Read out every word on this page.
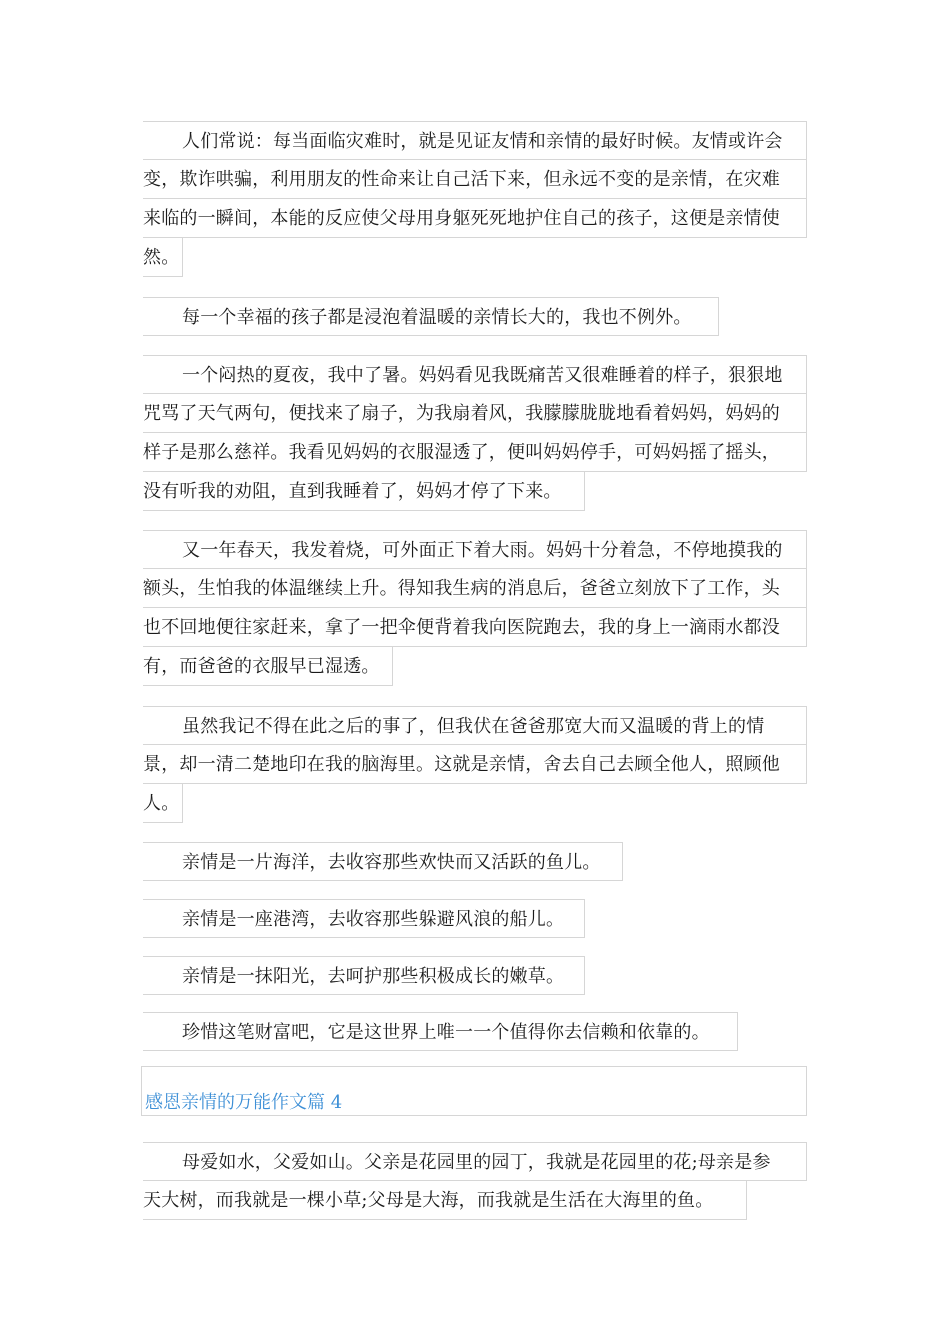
人们常说：每当面临灾难时，就是见证友情和亲情的最好时候。友情或许会
变，欺诈哄骗，利用朋友的性命来让自己活下来，但永远不变的是亲情，在灾难
来临的一瞬间，本能的反应使父母用身躯死死地护住自己的孩子，这便是亲情使
然。
每一个幸福的孩子都是浸泡着温暖的亲情长大的，我也不例外。
一个闷热的夏夜，我中了暑。妈妈看见我既痛苦又很难睡着的样子，狠狠地
咒骂了天气两句，便找来了扇子，为我扇着风，我朦朦胧胧地看着妈妈，妈妈的
样子是那么慈祥。我看见妈妈的衣服湿透了，便叫妈妈停手，可妈妈摇了摇头，
没有听我的劝阻，直到我睡着了，妈妈才停了下来。
又一年春天，我发着烧，可外面正下着大雨。妈妈十分着急，不停地摸我的
额头，生怕我的体温继续上升。得知我生病的消息后，爸爸立刻放下了工作，头
也不回地便往家赶来，拿了一把伞便背着我向医院跑去，我的身上一滴雨水都没
有，而爸爸的衣服早已湿透。
虽然我记不得在此之后的事了，但我伏在爸爸那宽大而又温暖的背上的情
景，却一清二楚地印在我的脑海里。这就是亲情，舍去自己去顾全他人，照顾他
人。
亲情是一片海洋，去收容那些欢快而又活跃的鱼儿。
亲情是一座港湾，去收容那些躲避风浪的船儿。
亲情是一抹阳光，去呵护那些积极成长的嫩草。
珍惜这笔财富吧，它是这世界上唯一一个值得你去信赖和依靠的。
感恩亲情的万能作文篇 4
母爱如水，父爱如山。父亲是花园里的园丁，我就是花园里的花;母亲是参
天大树，而我就是一棵小草;父母是大海，而我就是生活在大海里的鱼。
